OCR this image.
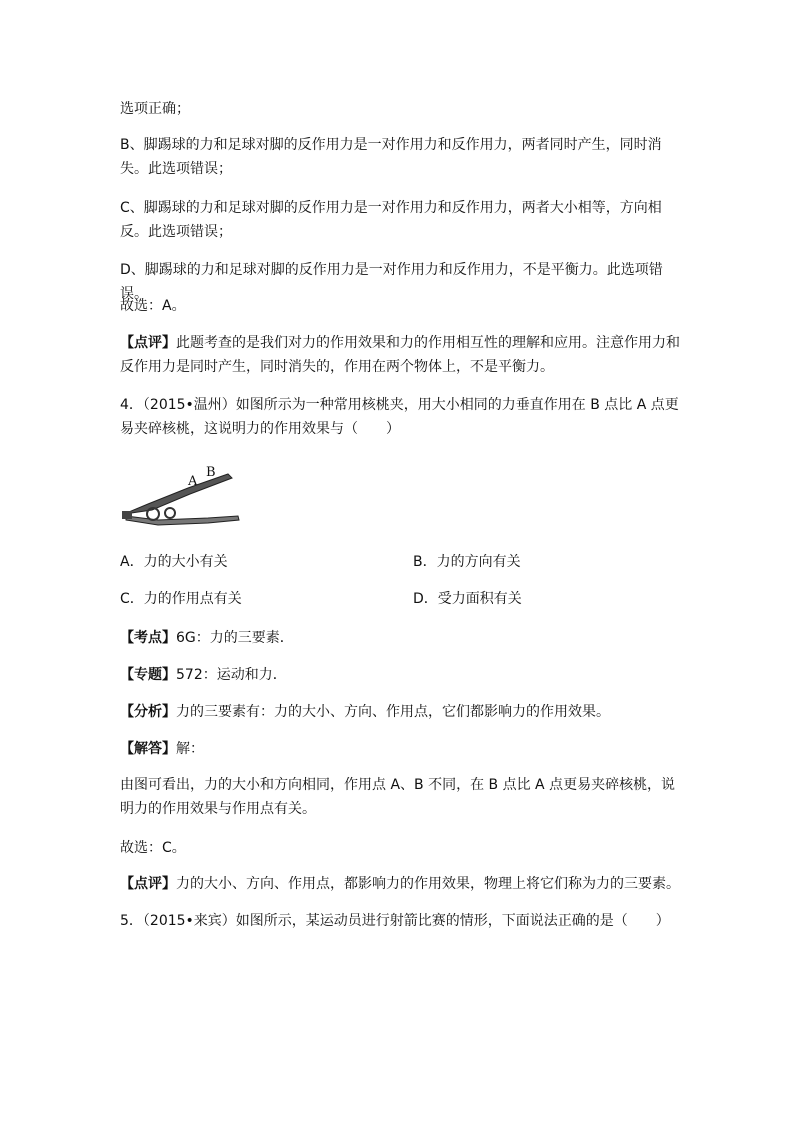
选项正确；

B、脚踢球的力和足球对脚的反作用力是一对作用力和反作用力，两者同时产生，同时消失。此选项错误；

C、脚踢球的力和足球对脚的反作用力是一对作用力和反作用力，两者大小相等，方向相反。此选项错误；

D、脚踢球的力和足球对脚的反作用力是一对作用力和反作用力，不是平衡力。此选项错误。

故选：A。

【点评】此题考查的是我们对力的作用效果和力的作用相互性的理解和应用。注意作用力和反作用力是同时产生，同时消失的，作用在两个物体上，不是平衡力。

4．（2015•温州）如图所示为一种常用核桃夹，用大小相同的力垂直作用在 B 点比 A 点更易夹碎核桃，这说明力的作用效果与（　　）

A
B
A．力的大小有关	B．力的方向有关
C．力的作用点有关	D．受力面积有关

【考点】6G：力的三要素．

【专题】572：运动和力．

【分析】力的三要素有：力的大小、方向、作用点，它们都影响力的作用效果。

【解答】解：

由图可看出，力的大小和方向相同，作用点 A、B 不同，在 B 点比 A 点更易夹碎核桃，说明力的作用效果与作用点有关。

故选：C。

【点评】力的大小、方向、作用点，都影响力的作用效果，物理上将它们称为力的三要素。

5．（2015•来宾）如图所示，某运动员进行射箭比赛的情形，下面说法正确的是（　　）
